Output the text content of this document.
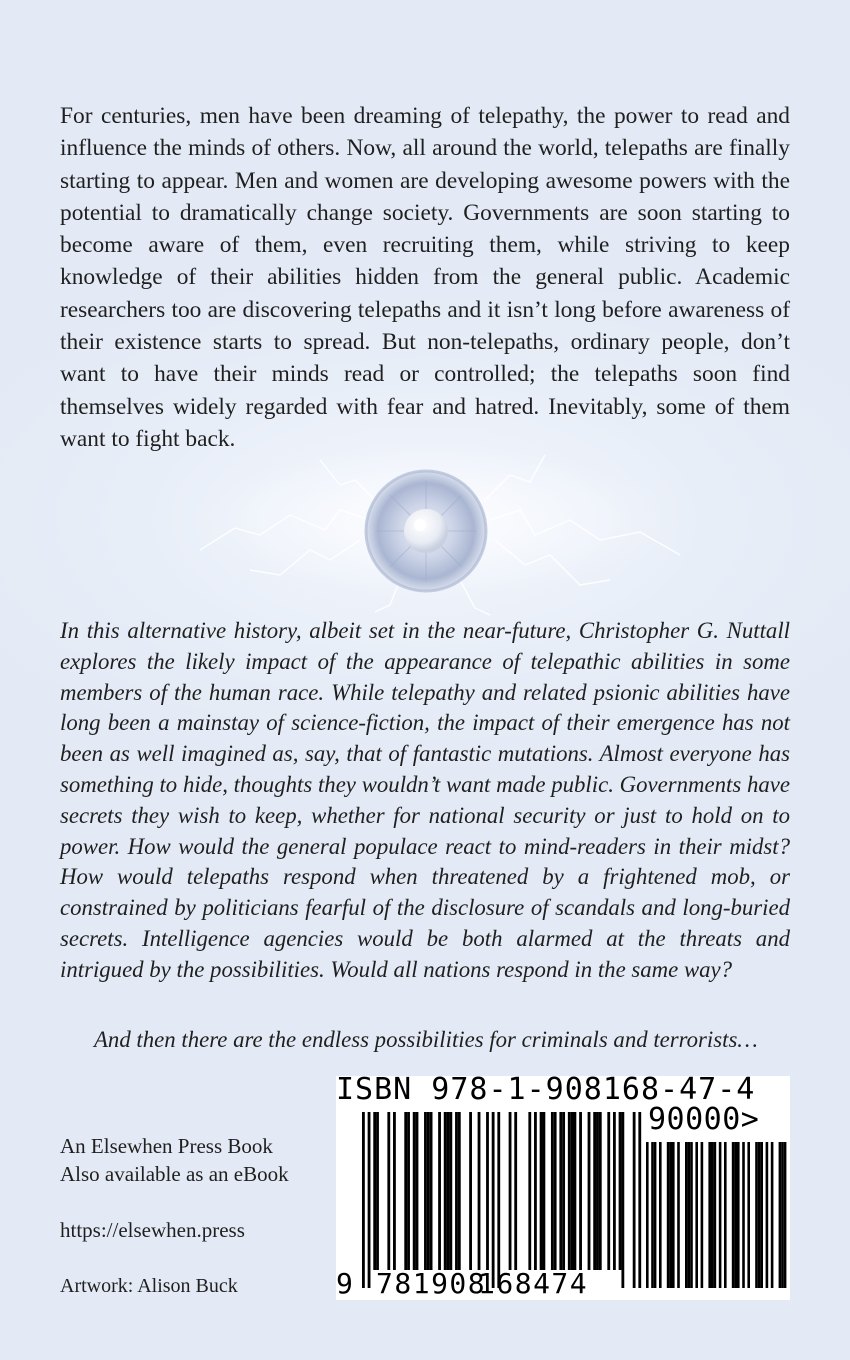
For centuries, men have been dreaming of telepathy, the power to read and influence the minds of others. Now, all around the world, telepaths are finally starting to appear. Men and women are developing awesome powers with the potential to dramatically change society. Governments are soon starting to become aware of them, even recruiting them, while striving to keep knowledge of their abilities hidden from the general public. Academic researchers too are discovering telepaths and it isn’t long before awareness of their existence starts to spread. But non-telepaths, ordinary people, don’t want to have their minds read or controlled; the telepaths soon find themselves widely regarded with fear and hatred. Inevitably, some of them want to fight back.

In this alternative history, albeit set in the near-future, Christopher G. Nuttall explores the likely impact of the appearance of telepathic abilities in some members of the human race. While telepathy and related psionic abilities have long been a mainstay of science-fiction, the impact of their emergence has not been as well imagined as, say, that of fantastic mutations. Almost everyone has something to hide, thoughts they wouldn’t want made public. Governments have secrets they wish to keep, whether for national security or just to hold on to power. How would the general populace react to mind-readers in their midst? How would telepaths respond when threatened by a frightened mob, or constrained by politicians fearful of the disclosure of scandals and long-buried secrets. Intelligence agencies would be both alarmed at the threats and intrigued by the possibilities. Would all nations respond in the same way?

And then there are the endless possibilities for criminals and terrorists…

An Elsewhen Press Book

Also available as an eBook

https://elsewhen.press

Artwork: Alison Buck

ISBN 978-1-908168-47-4
90000>
9 781908
168474
